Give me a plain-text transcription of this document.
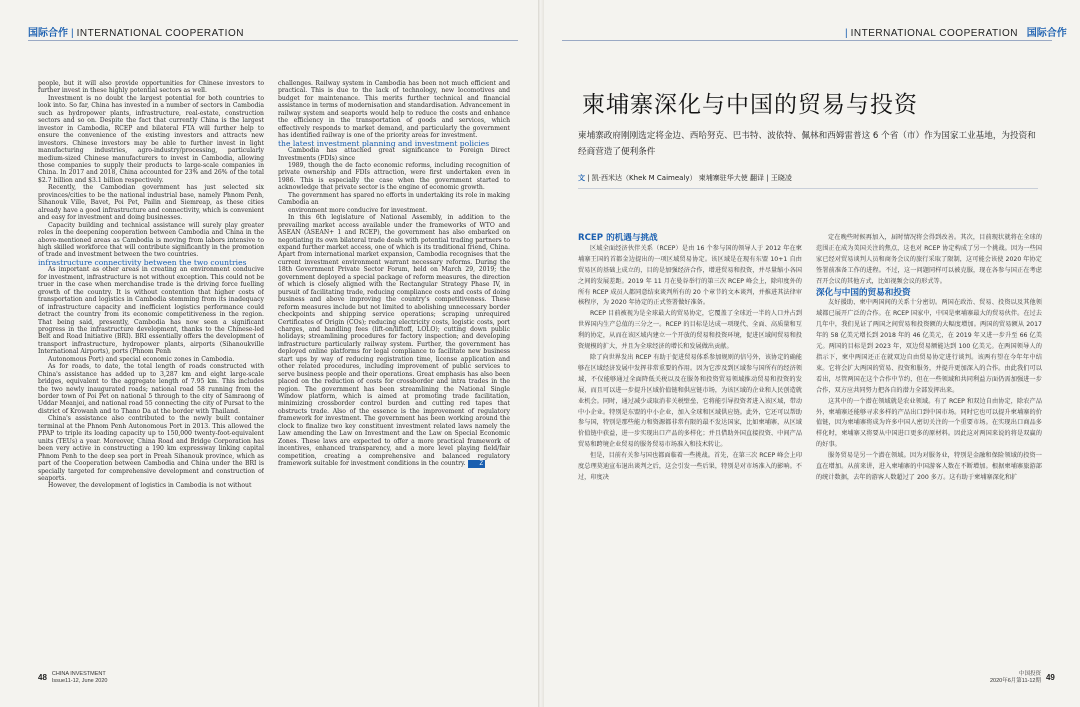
国际合作 | INTERNATIONAL COOPERATION	| INTERNATIONAL COOPERATION 国际合作

people, but it will also provide opportunities for Chinese investors to further invest in these highly potential sectors as well.

Investment is no doubt the largest potential for both countries to look into. So far, China has invested in a number of sectors in Cambodia such as hydropower plants, infrastructure, real-estate, construction sectors and so on. Despite the fact that currently China is the largest investor in Cambodia, RCEP and bilateral FTA will further help to ensure the convenience of the existing investors and attracts new investors. Chinese investors may be able to further invest in light manufacturing industries, agro-industry/processing, particularly medium-sized Chinese manufacturers to invest in Cambodia, allowing those companies to supply their products to large-scale companies in China. In 2017 and 2018, China accounted for 23% and 26% of the total $2.7 billion and $3.1 billion respectively.

Recently, the Cambodian government has just selected six provinces/cities to be the national industrial base, namely Phnom Penh, Sihanouk Ville, Bavet, Poi Pet, Pailin and Siemreap, as these cities already have a good infrastructure and connectivity, which is convenient and easy for investment and doing businesses.

Capacity building and technical assistance will surely play greater roles in the deepening cooperation between Cambodia and China in the above-mentioned areas as Cambodia is moving from labors intensive to high skilled workforce that will contribute significantly in the promotion of trade and investment between the two countries.

infrastructure connectivity between the two countries

As important as other areas in creating an environment conducive for investment, infrastructure is not without exception. This could not be truer in the case when merchandise trade is the driving force fuelling growth of the country. It is without contention that higher costs of transportation and logistics in Cambodia stemming from its inadequacy of infrastructure capacity and inefficient logistics performance could detract the country from its economic competitiveness in the region. That being said, presently, Cambodia has now seen a significant progress in the infrastructure development, thanks to the Chinese-led Belt and Road Initiative (BRI). BRI essentially offers the development of transport infrastructure, hydropower plants, airports (Sihanoukville International Airports), ports (Phnom Penh

Autonomous Port) and special economic zones in Cambodia.

As for roads, to date, the total length of roads constructed with China's assistance has added up to 3,287 km and eight large-scale bridges, equivalent to the aggregate length of 7.95 km. This includes the two newly inaugurated roads; national road 58 running from the border town of Poi Pet on national 5 through to the city of Samraong of Uddar Meanjei, and national road 55 connecting the city of Pursat to the district of Krowanh and to Thano Da at the border with Thailand.

China's assistance also contributed to the newly built container terminal at the Phnom Penh Autonomous Port in 2013. This allowed the PPAP to triple its loading capacity up to 150,000 twenty-foot-equivalent units (TEUs) a year. Moreover, China Road and Bridge Corporation has been very active in constructing a 190 km expressway linking capital Phnom Penh to the deep sea port in Preah Sihanouk province, which as part of the Cooperation between Cambodia and China under the BRI is specially targeted for comprehensive development and construction of seaports.

However, the development of logistics in Cambodia is not without

challenges. Railway system in Cambodia has been not much efficient and practical. This is due to the lack of technology, new locomotives and budget for maintenance. This merits further technical and financial assistance in terms of modernisation and standardisation. Advancement in railway system and seaports would help to reduce the costs and enhance the efficiency in the transportation of goods and services, which effectively responds to market demand, and particularly the government has identified railway is one of the priority areas for investment.

the latest investment planning and investment policies

Cambodia has attached great significance to Foreign Direct Investments (FDIs) since

1989, though the de facto economic reforms, including recognition of private ownership and FDIs attraction, were first undertaken even in 1986. This is especially the case when the government started to acknowledge that private sector is the engine of economic growth.

The government has spared no efforts in undertaking its role in making Cambodia an

environment more conducive for investment.

In this 6th legislature of National Assembly, in addition to the prevailing market access available under the frameworks of WTO and ASEAN (ASEAN+ 1 and RCEP), the government has also embarked on negotiating its own bilateral trade deals with potential trading partners to expand further market access, one of which is its traditional friend, China. Apart from international market expansion, Cambodia recognises that the current investment environment warrant necessary reforms. During the 18th Government Private Sector Forum, held on March 29, 2019; the government deployed a special package of reform measures, the direction of which is closely aligned with the Rectangular Strategy Phase IV, in pursuit of facilitating trade, reducing compliance costs and costs of doing business and above improving the country's competitiveness. These reform measures include but not limited to abolishing unnecessary border checkpoints and shipping service operations; scraping unrequired Certificates of Origin (COs); reducing electricity costs, logistic costs, port charges, and handling fees (lift-on/liftoff, LOLO); cutting down public holidays; streamlining procedures for factory inspection; and developing infrastructure particularly railway system. Further, the government has deployed online platforms for legal compliance to facilitate new business start ups by way of reducing registration time, license application and other related procedures, including improvement of public services to serve business people and their operations. Great emphasis has also been placed on the reduction of costs for crossborder and intra trades in the region. The government has been streamlining the National Single Window platform, which is aimed at promoting trade facilitation, minimizing crossborder control burden and cutting red tapes that obstructs trade. Also of the essence is the improvement of regulatory framework for investment. The government has been working around the clock to finalize two key constituent investment related laws namely the Law amending the Law on Investment and the Law on Special Economic Zones. These laws are expected to offer a more practical framework of incentives, enhanced transparency, and a more level playing field/fair competition, creating a comprehensive and balanced regulatory framework suitable for investment conditions in the country. Z

48 CHINA INVESTMENT
Issue11-12, June 2020
柬埔寨深化与中国的贸易与投资
柬埔寨政府刚刚选定将金边、西哈努克、巴韦特、波依特、佩林和西姆雷普这 6 个省（市）作为国家工业基地，为投资和经商营造了便利条件
文 | 凯·西米达（Khek M Caimealy） 柬埔寨驻华大使 翻译 | 王晓凌

RCEP 的机遇与挑战

区域全面经济伙伴关系（RCEP）是由 16 个参与国的领导人于 2012 年在柬埔寨王国的首都金边提出的一项区域贸易协定。该区域是在现有东盟 10+1 自由贸易区的基础上成立的，目的是加强经济合作，增进贸易和投资，并尽量缩小各国之间的发展差距。2019 年 11 月在曼谷举行的第三次 RCEP 峰会上，除印度外的所有 RCEP 成员人都同意结束谈判所有的 20 个章节的文本谈判，并推进其法律审核程序，为 2020 年协定的正式签署做好准备。

RCEP 目前被视为是全球最大的贸易协定，它覆盖了全球近一半的人口并占到世界国内生产总值的三分之一。RCEP 的目标是达成一项现代、全面、高质量和互利的协定，从而在该区域内建立一个开放的贸易和投资环境，促进区域间贸易和投资规模的扩大，并且为全球经济的增长和发展做出贡献。

除了向世界发出 RCEP 有助于促进贸易体系参加规则的信号外，该协定的确能够在区域经济发展中发挥非常重要的作用。因为它涉及到区域参与国所有的经济领域，不仅能够通过全面降低关税以及在服务和投资贸易领域推动贸易和投资的发展，而且可以进一步提升区域价值链和供应链市场，为该区域的企业和人民创造就业机会。同时，通过减少或取消非关税壁垒，它将能引导投资者进入该区域，带动中小企业。特别是东盟的中小企业，加入全球和区域供应链。此外，它还可以帮助参与国，特别是那些能力和资源都非常有限的最不发达国家，比如柬埔寨，从区域价值链中获益，进一步实现出口产品的多样化；并且借助外国直接投资、中间产品贸易和跨境企业贸易的服务贸易市场准入和技术转让。

但是，目前有关参与国也都面临着一些挑战。首先，在第三次 RCEP 峰会上印度总理莫迪宣布退出谈判之后，这会引发一些后果，特别是对市场准入的影响。不过，印度决

定在晚些时候再加入，届时情况将会得到改善。其次，目前现状就将在全球的范围正在成为美国关注的焦点，这也对 RCEP 协定构成了另一个挑战。因为一些国家已经对贸易谈判人员和商务会议的旅行采取了限制，这可能会该使 2020 年协定签署前准备工作的进程。不过，这一问题同样可以被克服，现在各参与国正在考虑召开会议的其他方式，比如视频会议的形式等。

深化与中国的贸易和投资

友好援助、柬中两国间的关系十分密切。两国在政治、贸易、投资以及其他领域都已展开广泛的合作。在 RCEP 国家中，中国是柬埔寨最大的贸易伙伴。在过去几年中，我们见证了两国之间贸易和投资额的大幅度增加。两国的贸易额从 2017 年的 58 亿美元增长到 2018 年的 46 亿美元，在 2019 年又进一步升至 66 亿美元。两国的目标是到 2023 年，双边贸易额能达到 100 亿美元。在两国领导人的指示下，柬中两国还正在就双边自由贸易协定进行谈判。该两有望在今年年中结束。它将会扩大两国的贸易、投资和服务，并提升更加深入的合作。由此我们可以看出，尽管两国在这个合作中节约，但在一些领域和共同利益方面仍需加强进一步合作，双方应共同努力把各自的潜力全部发挥出来。

这其中的一个潜在领域就是农业领域。有了 RCEP 和双边自由协定，除农产品外，柬埔寨还能够寻求多样的产品出口到中国市场。同时它也可以提升柬埔寨的价值链，因为柬埔寨将成为许多中国人密切关注的一个重要市场。在实现出口商品多样化时，柬埔寨又将要从中国进口更多的原材料。因此这对两国来说的将是双赢的的好事。

服务贸易是另一个潜在领域。因为对服务业，特别是金融和保险领域的投资一直在增加。从前来讲，进入柬埔寨的中国游客人数在不断增加。根据柬埔寨旅游部的统计数据，去年的游客人数超过了 200 多万。这有助于柬埔寨深化和扩

中国投资
2020年6月第11-12期 49
